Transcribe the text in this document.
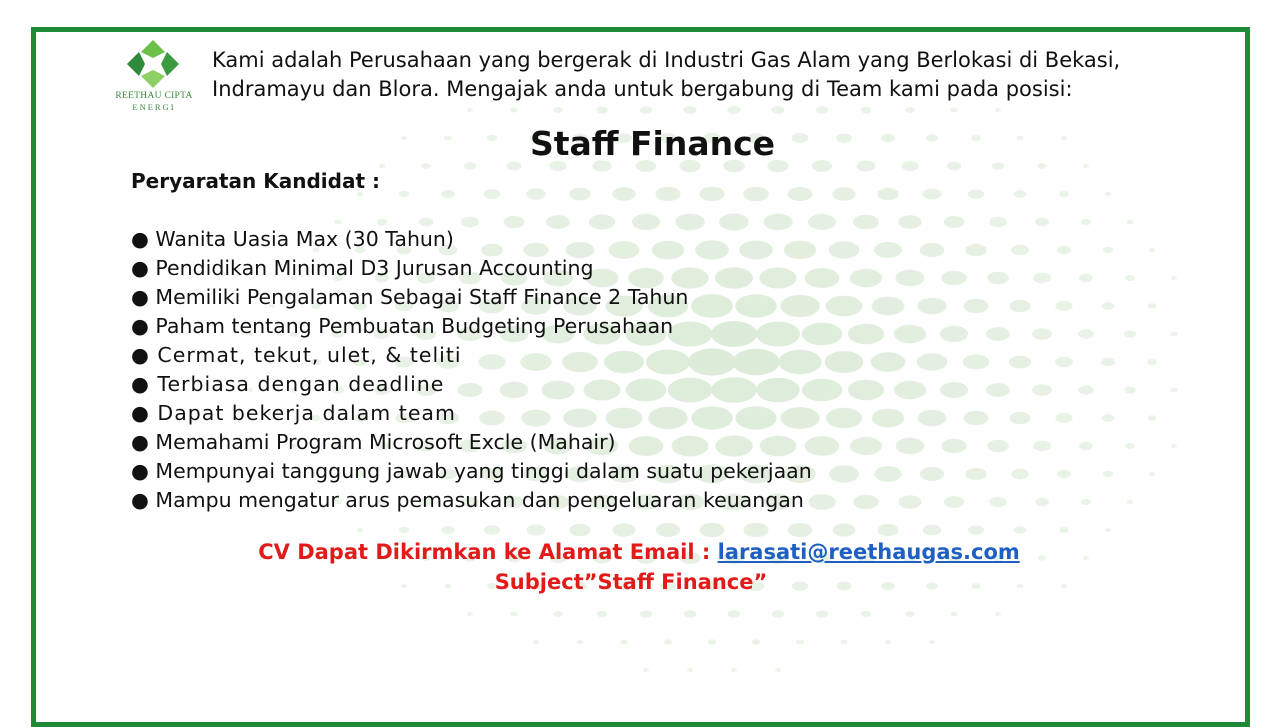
REETHAU CIPTA
ENERGI
Kami adalah Perusahaan yang bergerak di Industri Gas Alam yang Berlokasi di Bekasi,
Indramayu dan Blora. Mengajak anda untuk bergabung di Team kami pada posisi:
Staff Finance
Peryaratan Kandidat :
● Wanita Uasia Max (30 Tahun)
● Pendidikan Minimal D3 Jurusan Accounting
● Memiliki Pengalaman Sebagai Staff Finance 2 Tahun
● Paham tentang Pembuatan Budgeting Perusahaan
● Cermat, tekut, ulet, & teliti
● Terbiasa dengan deadline
● Dapat bekerja dalam team
● Memahami Program Microsoft Excle (Mahair)
● Mempunyai tanggung jawab yang tinggi dalam suatu pekerjaan
● Mampu mengatur arus pemasukan dan pengeluaran keuangan
CV Dapat Dikirmkan ke Alamat Email : larasati@reethaugas.com
Subject”Staff Finance”
